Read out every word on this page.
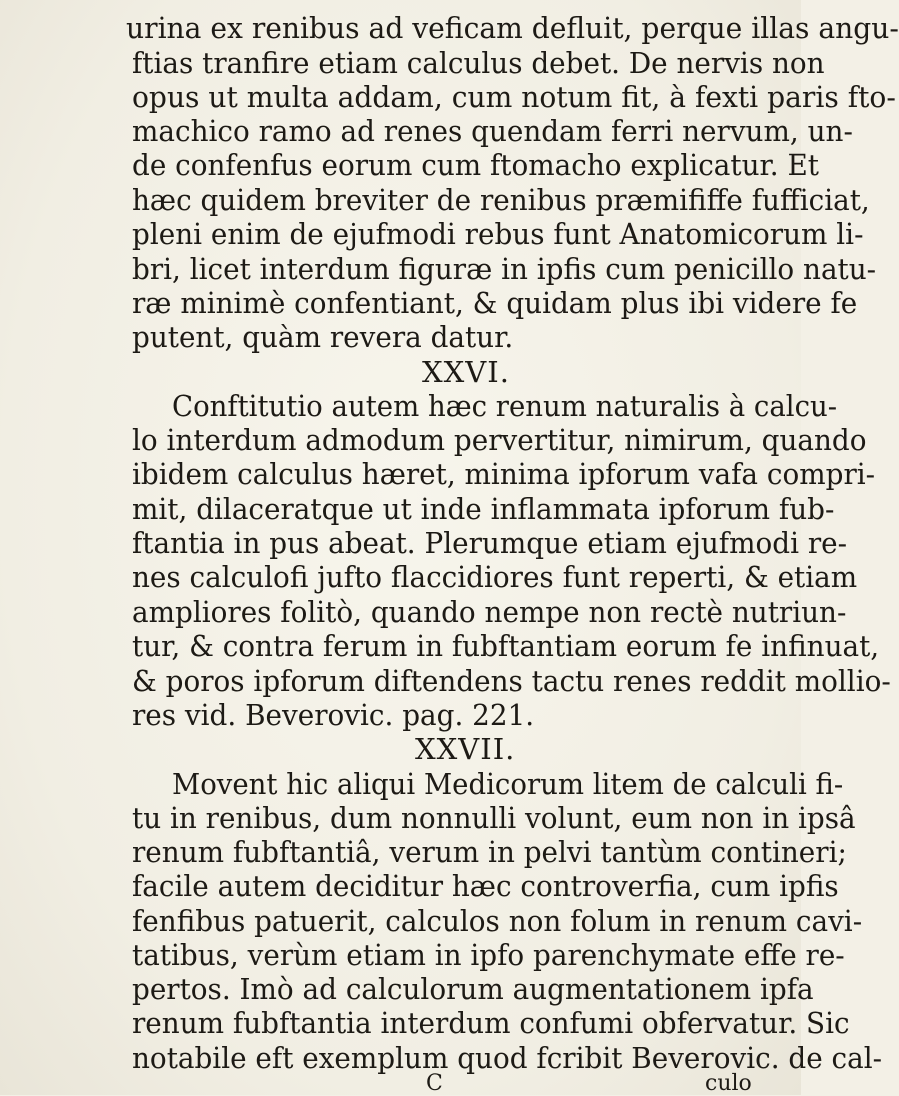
urina ex renibus ad veficam defluit, perque illas angu-
ftias tranfire etiam calculus debet. De nervis non
opus ut multa addam, cum notum fit, à fexti paris fto-
machico ramo ad renes quendam ferri nervum, un-
de confenfus eorum cum ftomacho explicatur. Et
hæc quidem breviter de renibus præmififfe fufficiat,
pleni enim de ejufmodi rebus funt Anatomicorum li-
bri, licet interdum figuræ in ipfis cum penicillo natu-
ræ minimè confentiant, & quidam plus ibi videre fe
putent, quàm revera datur.
XXVI.
Conftitutio autem hæc renum naturalis à calcu-
lo interdum admodum pervertitur, nimirum, quando
ibidem calculus hæret, minima ipforum vafa compri-
mit, dilaceratque ut inde inflammata ipforum fub-
ftantia in pus abeat. Plerumque etiam ejufmodi re-
nes calculofi jufto flaccidiores funt reperti, & etiam
ampliores folitò, quando nempe non rectè nutriun-
tur, & contra ferum in fubftantiam eorum fe infinuat,
& poros ipforum diftendens tactu renes reddit mollio-
res vid. Beverovic. pag. 221.
XXVII.
Movent hic aliqui Medicorum litem de calculi fi-
tu in renibus, dum nonnulli volunt, eum non in ipsâ
renum fubftantiâ, verum in pelvi tantùm contineri;
facile autem deciditur hæc controverfia, cum ipfis
fenfibus patuerit, calculos non folum in renum cavi-
tatibus, verùm etiam in ipfo parenchymate effe re-
pertos. Imò ad calculorum augmentationem ipfa
renum fubftantia interdum confumi obfervatur. Sic
notabile eft exemplum quod fcribit Beverovic. de cal-
C	culo
